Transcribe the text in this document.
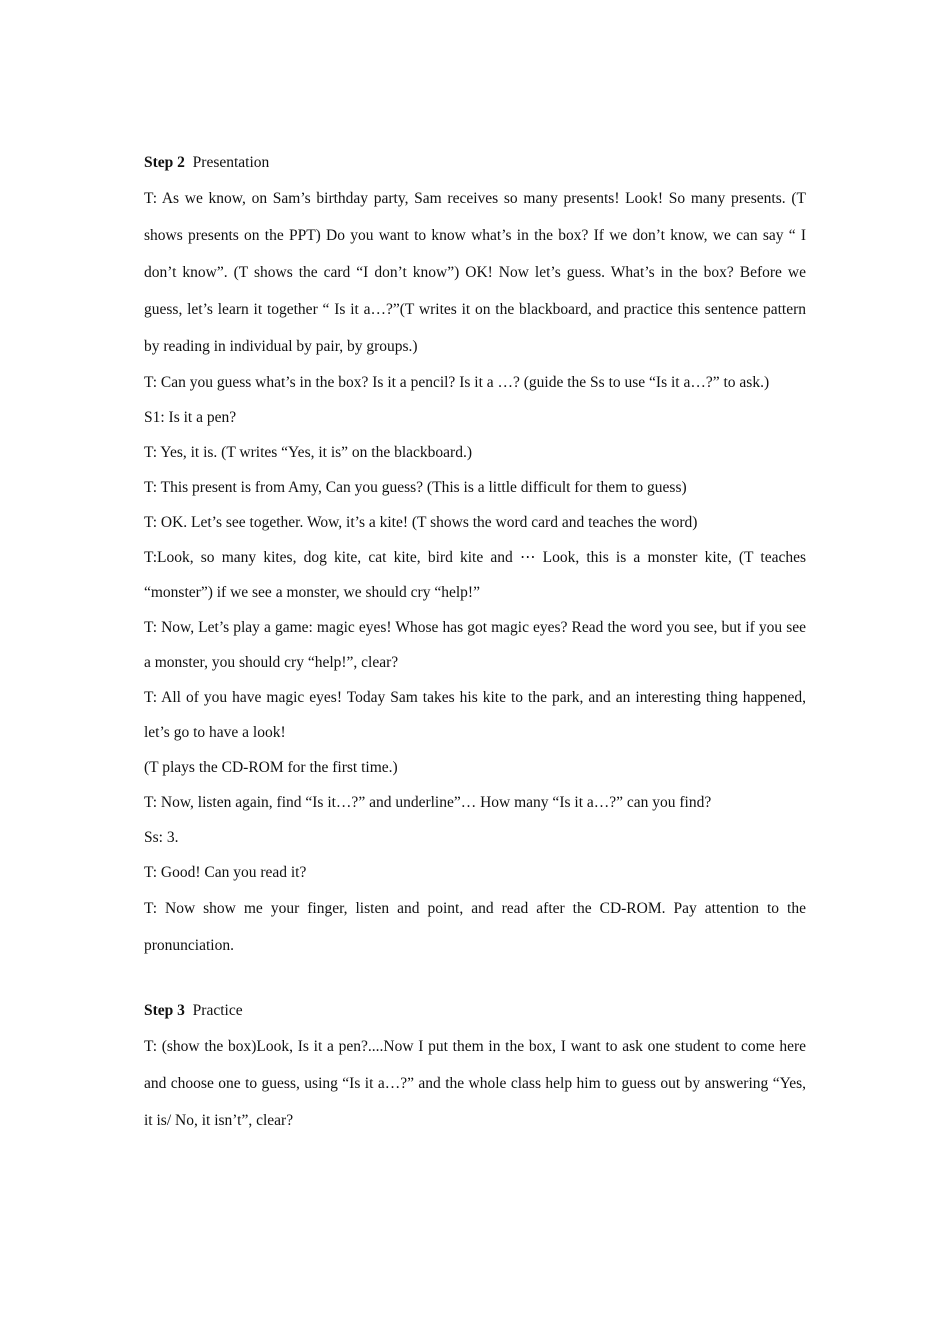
Step 2 Presentation

T: As we know, on Sam’s birthday party, Sam receives so many presents! Look! So many presents. (T shows presents on the PPT) Do you want to know what’s in the box? If we don’t know, we can say “ I don’t know”. (T shows the card “I don’t know”) OK! Now let’s guess. What’s in the box? Before we guess, let’s learn it together “ Is it a…?”(T writes it on the blackboard, and practice this sentence pattern by reading in individual by pair, by groups.)

T: Can you guess what’s in the box? Is it a pencil? Is it a …? (guide the Ss to use “Is it a…?” to ask.)

S1: Is it a pen?

T: Yes, it is. (T writes “Yes, it is” on the blackboard.)

T: This present is from Amy, Can you guess? (This is a little difficult for them to guess)

T: OK. Let’s see together. Wow, it’s a kite! (T shows the word card and teaches the word)

T:Look, so many kites, dog kite, cat kite, bird kite and ⋯ Look, this is a monster kite, (T teaches “monster”) if we see a monster, we should cry “help!”

T: Now, Let’s play a game: magic eyes! Whose has got magic eyes? Read the word you see, but if you see a monster, you should cry “help!”, clear?

T: All of you have magic eyes! Today Sam takes his kite to the park, and an interesting thing happened, let’s go to have a look!

(T plays the CD-ROM for the first time.)

T: Now, listen again, find “Is it…?” and underline”… How many “Is it a…?” can you find?

Ss: 3.

T: Good! Can you read it?

T: Now show me your finger, listen and point, and read after the CD-ROM. Pay attention to the pronunciation.

Step 3 Practice

T: (show the box)Look, Is it a pen?....Now I put them in the box, I want to ask one student to come here and choose one to guess, using “Is it a…?” and the whole class help him to guess out by answering “Yes, it is/ No, it isn’t”, clear?
